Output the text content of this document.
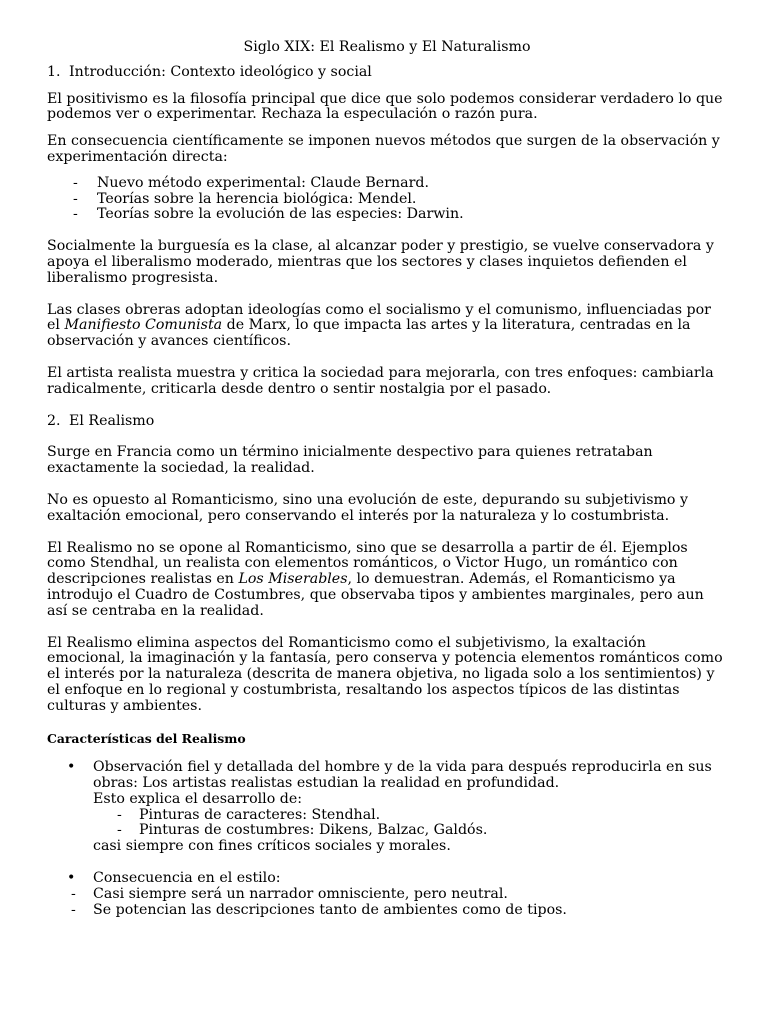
Siglo XIX: El Realismo y El Naturalismo
1. Introducción: Contexto ideológico y social

El positivismo es la filosofía principal que dice que solo podemos considerar verdadero lo que podemos ver o experimentar. Rechaza la especulación o razón pura.

En consecuencia científicamente se imponen nuevos métodos que surgen de la observación y experimentación directa:

- Nuevo método experimental: Claude Bernard.
- Teorías sobre la herencia biológica: Mendel.
- Teorías sobre la evolución de las especies: Darwin.

Socialmente la burguesía es la clase, al alcanzar poder y prestigio, se vuelve conservadora y apoya el liberalismo moderado, mientras que los sectores y clases inquietos defienden el liberalismo progresista.

Las clases obreras adoptan ideologías como el socialismo y el comunismo, influenciadas por el Manifiesto Comunista de Marx, lo que impacta las artes y la literatura, centradas en la observación y avances científicos.

El artista realista muestra y critica la sociedad para mejorarla, con tres enfoques: cambiarla radicalmente, criticarla desde dentro o sentir nostalgia por el pasado.

2. El Realismo

Surge en Francia como un término inicialmente despectivo para quienes retrataban exactamente la sociedad, la realidad.

No es opuesto al Romanticismo, sino una evolución de este, depurando su subjetivismo y exaltación emocional, pero conservando el interés por la naturaleza y lo costumbrista.

El Realismo no se opone al Romanticismo, sino que se desarrolla a partir de él. Ejemplos como Stendhal, un realista con elementos románticos, o Victor Hugo, un romántico con descripciones realistas en Los Miserables, lo demuestran. Además, el Romanticismo ya introdujo el Cuadro de Costumbres, que observaba tipos y ambientes marginales, pero aun así se centraba en la realidad.

El Realismo elimina aspectos del Romanticismo como el subjetivismo, la exaltación emocional, la imaginación y la fantasía, pero conserva y potencia elementos románticos como el interés por la naturaleza (descrita de manera objetiva, no ligada solo a los sentimientos) y el enfoque en lo regional y costumbrista, resaltando los aspectos típicos de las distintas culturas y ambientes.

Características del Realismo
• Observación fiel y detallada del hombre y de la vida para después reproducirla en sus obras: Los artistas realistas estudian la realidad en profundidad.
Esto explica el desarrollo de:
- Pinturas de caracteres: Stendhal.
- Pinturas de costumbres: Dikens, Balzac, Galdós.
casi siempre con fines críticos sociales y morales.
• Consecuencia en el estilo:
- Casi siempre será un narrador omnisciente, pero neutral.
- Se potencian las descripciones tanto de ambientes como de tipos.
